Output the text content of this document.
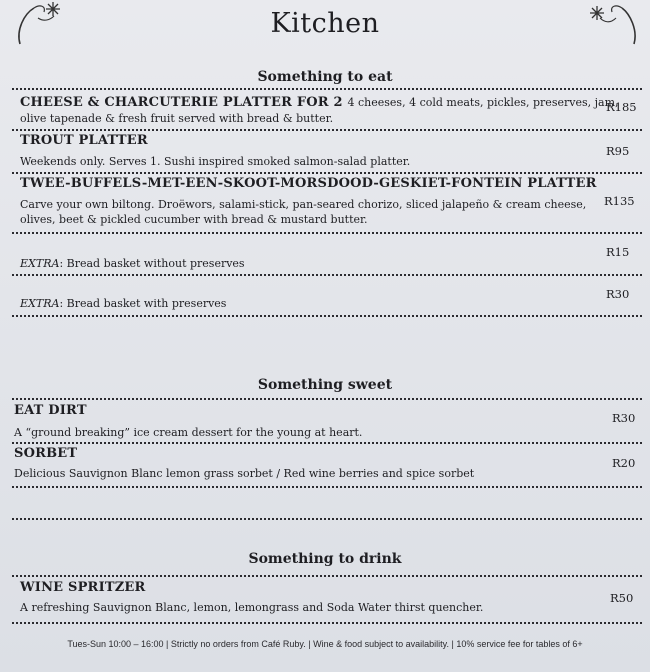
Kitchen
Something to eat
CHEESE & CHARCUTERIE PLATTER FOR 2 4 cheeses, 4 cold meats, pickles, preserves, jam,
olive tapenade & fresh fruit served with bread & butter.
R185
TROUT PLATTER
Weekends only. Serves 1. Sushi inspired smoked salmon-salad platter.
R95
TWEE-BUFFELS-MET-EEN-SKOOT-MORSDOOD-GESKIET-FONTEIN PLATTER
Carve your own biltong. Droëwors, salami-stick, pan-seared chorizo, sliced jalapeño & cream cheese,
olives, beet & pickled cucumber with bread & mustard butter.
R135
EXTRA: Bread basket without preserves
R15
EXTRA: Bread basket with preserves
R30
Something sweet
EAT DIRT
A “ground breaking” ice cream dessert for the young at heart.
R30
SORBET
Delicious Sauvignon Blanc lemon grass sorbet / Red wine berries and spice sorbet
R20
Something to drink
WINE SPRITZER
A refreshing Sauvignon Blanc, lemon, lemongrass and Soda Water thirst quencher.
R50
Tues-Sun 10:00 – 16:00 | Strictly no orders from Café Ruby. | Wine & food subject to availability. | 10% service fee for tables of 6+
